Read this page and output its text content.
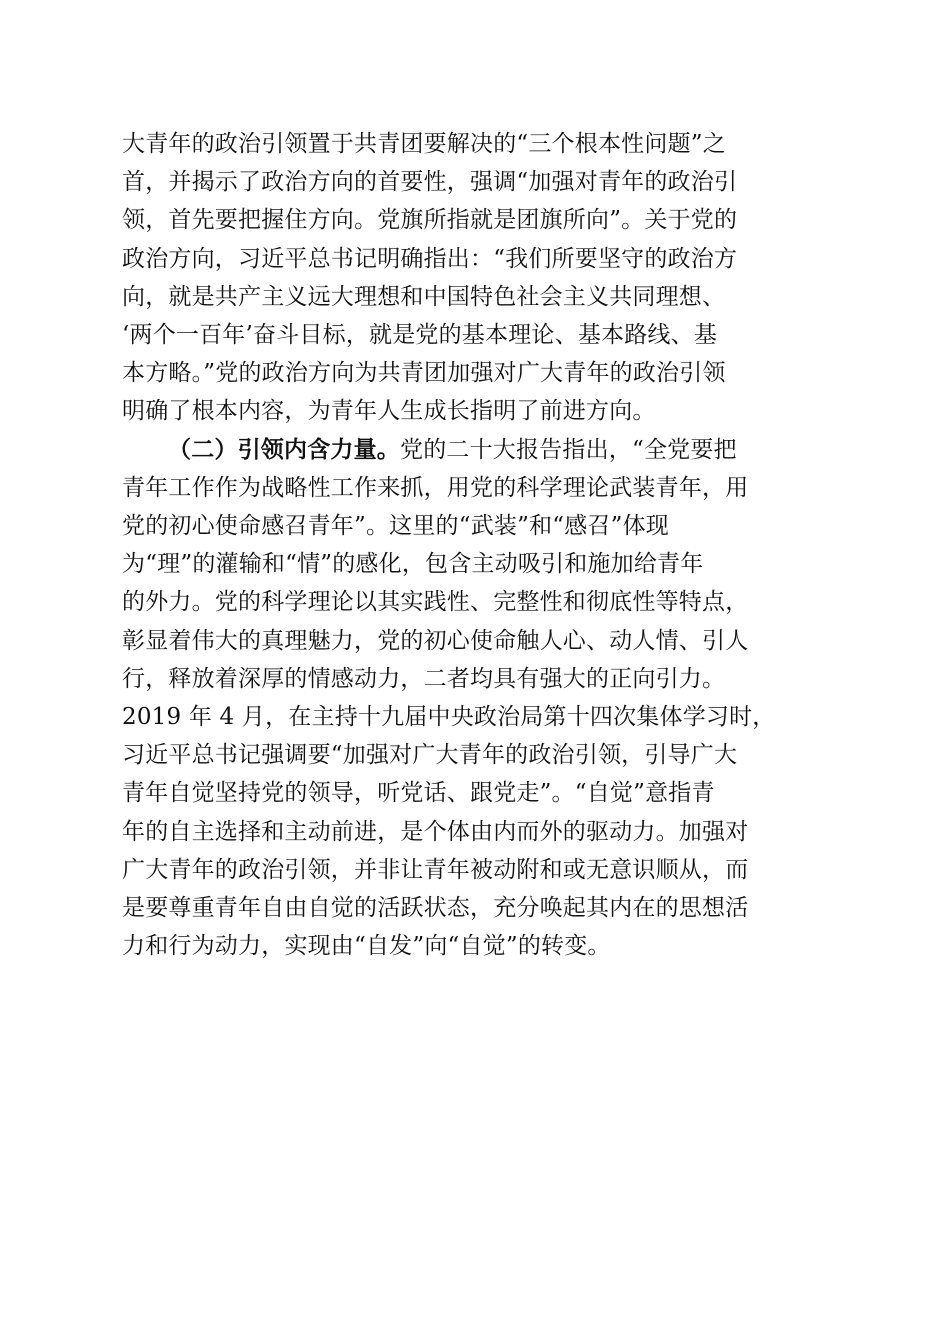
大青年的政治引领置于共青团要解决的“三个根本性问题”之
首，并揭示了政治方向的首要性，强调“加强对青年的政治引
领，首先要把握住方向。党旗所指就是团旗所向”。关于党的
政治方向，习近平总书记明确指出：“我们所要坚守的政治方
向，就是共产主义远大理想和中国特色社会主义共同理想、
‘两个一百年’奋斗目标，就是党的基本理论、基本路线、基
本方略。”党的政治方向为共青团加强对广大青年的政治引领
明确了根本内容，为青年人生成长指明了前进方向。

（二）引领内含力量。党的二十大报告指出，“全党要把
青年工作作为战略性工作来抓，用党的科学理论武装青年，用
党的初心使命感召青年”。这里的“武装”和“感召”体现
为“理”的灌输和“情”的感化，包含主动吸引和施加给青年
的外力。党的科学理论以其实践性、完整性和彻底性等特点，
彰显着伟大的真理魅力，党的初心使命触人心、动人情、引人
行，释放着深厚的情感动力，二者均具有强大的正向引力。
2019 年 4 月，在主持十九届中央政治局第十四次集体学习时，
习近平总书记强调要“加强对广大青年的政治引领，引导广大
青年自觉坚持党的领导，听党话、跟党走”。“自觉”意指青
年的自主选择和主动前进，是个体由内而外的驱动力。加强对
广大青年的政治引领，并非让青年被动附和或无意识顺从，而
是要尊重青年自由自觉的活跃状态，充分唤起其内在的思想活
力和行为动力，实现由“自发”向“自觉”的转变。
